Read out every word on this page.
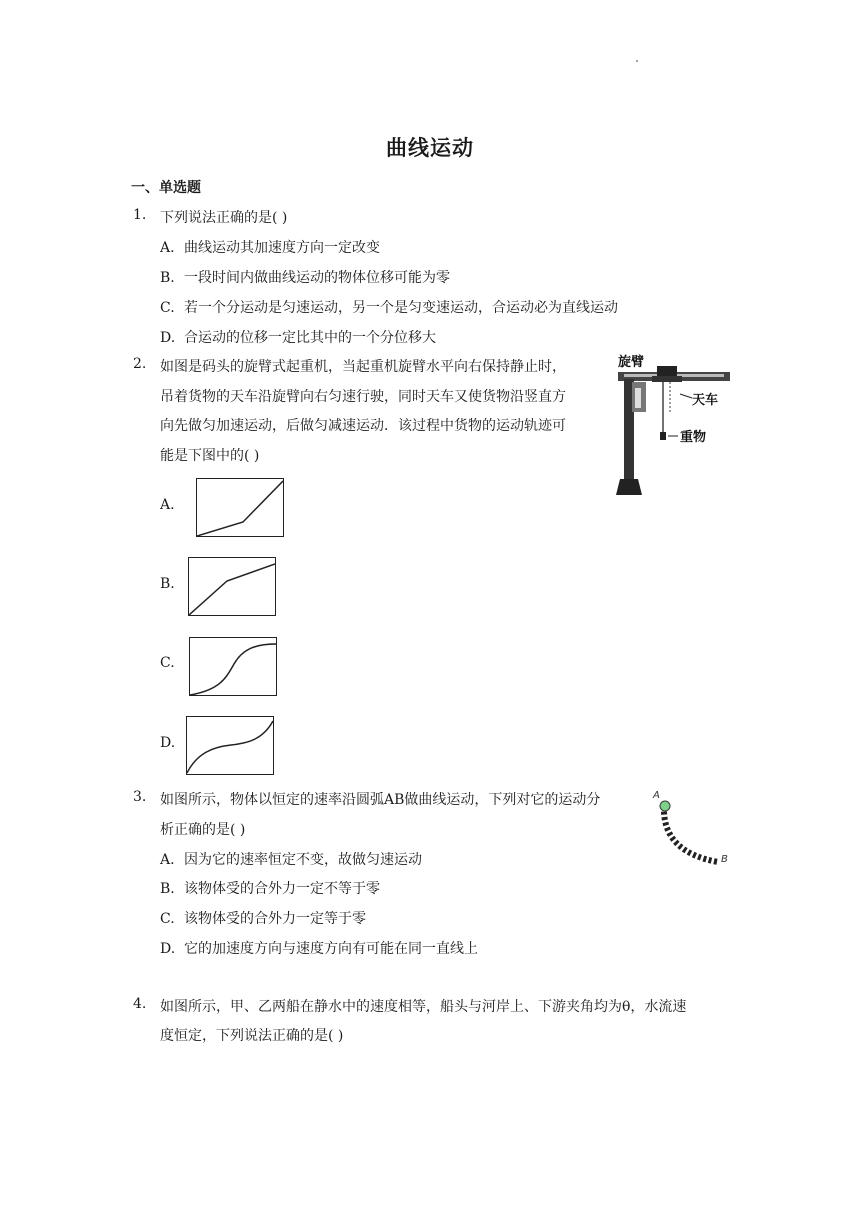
曲线运动
一、单选题
1. 下列说法正确的是( )
A. 曲线运动其加速度方向一定改变
B. 一段时间内做曲线运动的物体位移可能为零
C. 若一个分运动是匀速运动，另一个是匀变速运动，合运动必为直线运动
D. 合运动的位移一定比其中的一个分位移大
2. 如图是码头的旋臂式起重机，当起重机旋臂水平向右保持静止时，
吊着货物的天车沿旋臂向右匀速行驶，同时天车又使货物沿竖直方
向先做匀加速运动，后做匀减速运动．该过程中货物的运动轨迹可
能是下图中的( )
旋臂
天车
重物
A.
B.
C.
D.
3. 如图所示，物体以恒定的速率沿圆弧AB做曲线运动，下列对它的运动分
析正确的是( )
A
B
A. 因为它的速率恒定不变，故做匀速运动
B. 该物体受的合外力一定不等于零
C. 该物体受的合外力一定等于零
D. 它的加速度方向与速度方向有可能在同一直线上
4. 如图所示，甲、乙两船在静水中的速度相等，船头与河岸上、下游夹角均为θ，水流速
度恒定，下列说法正确的是( )
